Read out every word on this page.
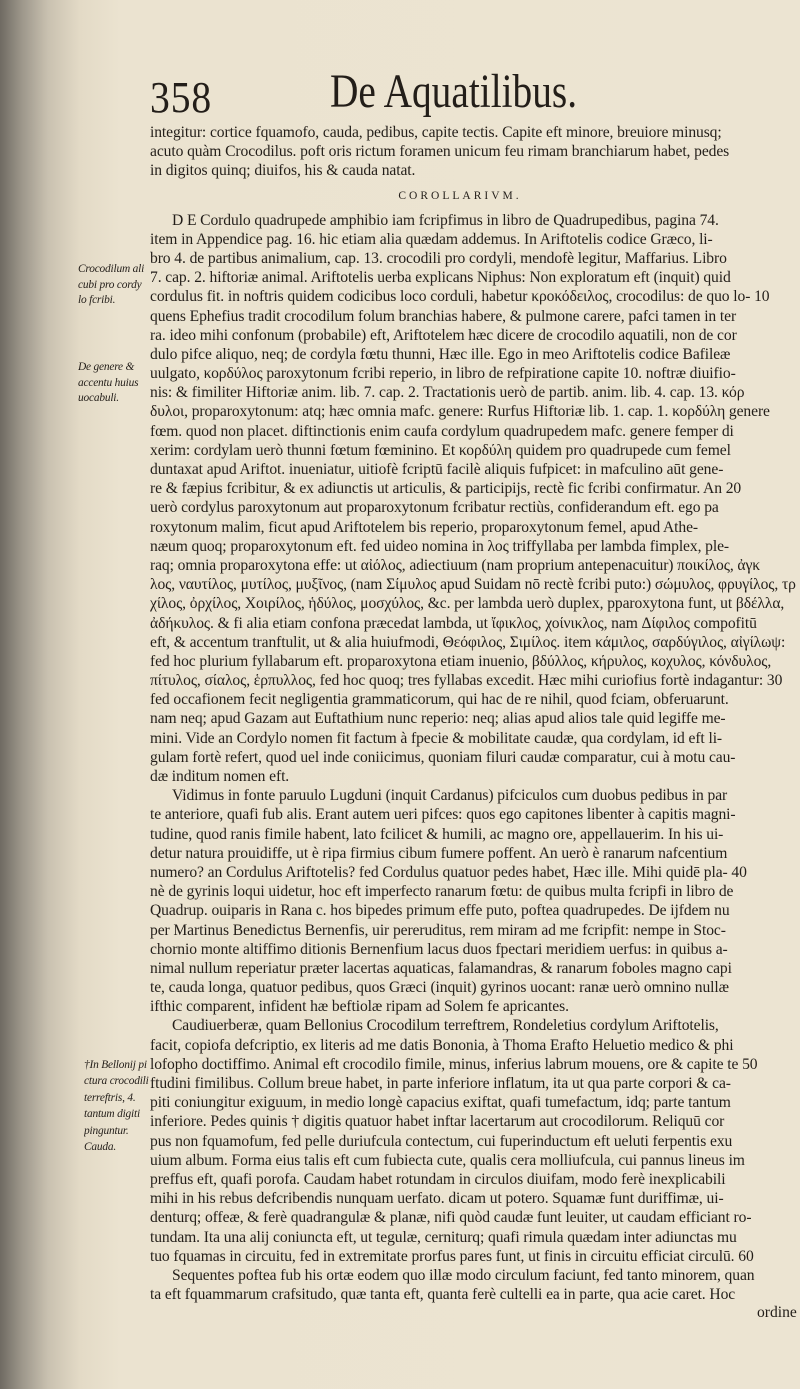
358 De Aquatilibus.
integitur: cortice fquamofo, cauda, pedibus, capite tectis. Capite eft minore, breuiore minusq;
acuto quàm Crocodilus. poft oris rictum foramen unicum feu rimam branchiarum habet, pedes
in digitos quinq; diuifos, his & cauda natat.
COROLLARIVM.
D E Cordulo quadrupede amphibio iam fcripfimus in libro de Quadrupedibus, pagina 74.
item in Appendice pag. 16. hic etiam alia quædam addemus. In Ariftotelis codice Græco, li-
bro 4. de partibus animalium, cap. 13. crocodili pro cordyli, mendofè legitur, Maffarius. Libro
7. cap. 2. hiftoriæ animal. Ariftotelis uerba explicans Niphus: Non exploratum eft (inquit) quid
cordulus fit. in noftris quidem codicibus loco corduli, habetur κροκόδειλος, crocodilus: de quo lo- 10
quens Ephefius tradit crocodilum folum branchias habere, & pulmone carere, pafci tamen in ter
ra. ideo mihi confonum (probabile) eft, Ariftotelem hæc dicere de crocodilo aquatili, non de cor
dulo pifce aliquo, neq; de cordyla fœtu thunni, Hæc ille. Ego in meo Ariftotelis codice Bafileæ
uulgato, κορδύλος paroxytonum fcribi reperio, in libro de refpiratione capite 10. noftræ diuifio-
nis: & fimiliter Hiftoriæ anim. lib. 7. cap. 2. Tractationis uerò de partib. anim. lib. 4. cap. 13. κόρ
δυλοι, proparoxytonum: atq; hæc omnia mafc. genere: Rurfus Hiftoriæ lib. 1. cap. 1. κορδύλη genere
fœm. quod non placet. diftinctionis enim caufa cordylum quadrupedem mafc. genere femper di
xerim: cordylam uerò thunni fœtum fœminino. Et κορδύλη quidem pro quadrupede cum femel
duntaxat apud Ariftot. inueniatur, uitiofè fcriptū facilè aliquis fufpicet: in mafculino aūt gene-
re & fæpius fcribitur, & ex adiunctis ut articulis, & participijs, rectè fic fcribi confirmatur. An 20
uerò cordylus paroxytonum aut proparoxytonum fcribatur rectiùs, confiderandum eft. ego pa
roxytonum malim, ficut apud Ariftotelem bis reperio, proparoxytonum femel, apud Athe-
næum quoq; proparoxytonum eft. fed uideo nomina in λος triffyllaba per lambda fimplex, ple-
raq; omnia proparoxytona effe: ut αἰόλος, adiectiuum (nam proprium antepenacuitur) ποικίλος, ἀγκ
λος, ναυτίλος, μυτίλος, μυξῖνος, (nam Σίμυλος apud Suidam nō rectè fcribi puto:) σώμυλος, φρυγίλος, τρ
χίλος, ὀρχίλος, Χοιρίλος, ἡδύλος, μοσχύλος, &c. per lambda uerò duplex, pparoxytona funt, ut βδέλλα,
ἀδήκυλος. & fi alia etiam confona præcedat lambda, ut ἴφικλος, χοίνικλος, nam Δίφιλος compofitū
eft, & accentum tranftulit, ut & alia huiufmodi, Θεόφιλος, Σιμίλος. item κάμιλος, σαρδύγιλος, αἰγίλωψ:
fed hoc plurium fyllabarum eft. proparoxytona etiam inuenio, βδύλλος, κήρυλος, κοχυλος, κόνδυλος,
πίτυλος, σίαλος, ἑρπυλλος, fed hoc quoq; tres fyllabas excedit. Hæc mihi curiofius fortè indagantur: 30
fed occafionem fecit negligentia grammaticorum, qui hac de re nihil, quod fciam, obferuarunt.
nam neq; apud Gazam aut Euftathium nunc reperio: neq; alias apud alios tale quid legiffe me-
mini. Vide an Cordylo nomen fit factum à fpecie & mobilitate caudæ, qua cordylam, id eft li-
gulam fortè refert, quod uel inde coniicimus, quoniam filuri caudæ comparatur, cui à motu cau-
dæ inditum nomen eft.
Vidimus in fonte paruulo Lugduni (inquit Cardanus) pifciculos cum duobus pedibus in par
te anteriore, quafi fub alis. Erant autem ueri pifces: quos ego capitones libenter à capitis magni-
tudine, quod ranis fimile habent, lato fcilicet & humili, ac magno ore, appellauerim. In his ui-
detur natura prouidiffe, ut è ripa firmius cibum fumere poffent. An uerò è ranarum nafcentium
numero? an Cordulus Ariftotelis? fed Cordulus quatuor pedes habet, Hæc ille. Mihi quidē pla- 40
nè de gyrinis loqui uidetur, hoc eft imperfecto ranarum fœtu: de quibus multa fcripfi in libro de
Quadrup. ouiparis in Rana c. hos bipedes primum effe puto, poftea quadrupedes. De ijfdem nu
per Martinus Benedictus Bernenfis, uir pereruditus, rem miram ad me fcripfit: nempe in Stoc-
chornio monte altiffimo ditionis Bernenfium lacus duos fpectari meridiem uerfus: in quibus a-
nimal nullum reperiatur præter lacertas aquaticas, falamandras, & ranarum foboles magno capi
te, cauda longa, quatuor pedibus, quos Græci (inquit) gyrinos uocant: ranæ uerò omnino nullæ
ifthic comparent, infident hæ beftiolæ ripam ad Solem fe apricantes.
Caudiuerberæ, quam Bellonius Crocodilum terreftrem, Rondeletius cordylum Ariftotelis,
facit, copiofa defcriptio, ex literis ad me datis Bononia, à Thoma Erafto Heluetio medico & phi
lofopho doctiffimo. Animal eft crocodilo fimile, minus, inferius labrum mouens, ore & capite te 50
ftudini fimilibus. Collum breue habet, in parte inferiore inflatum, ita ut qua parte corpori & ca-
piti coniungitur exiguum, in medio longè capacius exiftat, quafi tumefactum, idq; parte tantum
inferiore. Pedes quinis † digitis quatuor habet inftar lacertarum aut crocodilorum. Reliquū cor
pus non fquamofum, fed pelle duriufcula contectum, cui fuperinductum eft ueluti ferpentis exu
uium album. Forma eius talis eft cum fubiecta cute, qualis cera molliufcula, cui pannus lineus im
preffus eft, quafi porofa. Caudam habet rotundam in circulos diuifam, modo ferè inexplicabili
mihi in his rebus defcribendis nunquam uerfato. dicam ut potero. Squamæ funt duriffimæ, ui-
denturq; offeæ, & ferè quadrangulæ & planæ, nifi quòd caudæ funt leuiter, ut caudam efficiant ro-
tundam. Ita una alij coniuncta eft, ut tegulæ, cerniturq; quafi rimula quædam inter adiunctas mu
tuo fquamas in circuitu, fed in extremitate prorfus pares funt, ut finis in circuitu efficiat circulū. 60
Sequentes poftea fub his ortæ eodem quo illæ modo circulum faciunt, fed tanto minorem, quan
ta eft fquammarum crafsitudo, quæ tanta eft, quanta ferè cultelli ea in parte, qua acie caret. Hoc
Crocodilum ali
cubi pro cordy
lo fcribi.
De genere &
accentu huius
uocabuli.
†In Bellonij pi
ctura crocodili
terreftris, 4.
tantum digiti
pinguntur.
Cauda.
ordine
